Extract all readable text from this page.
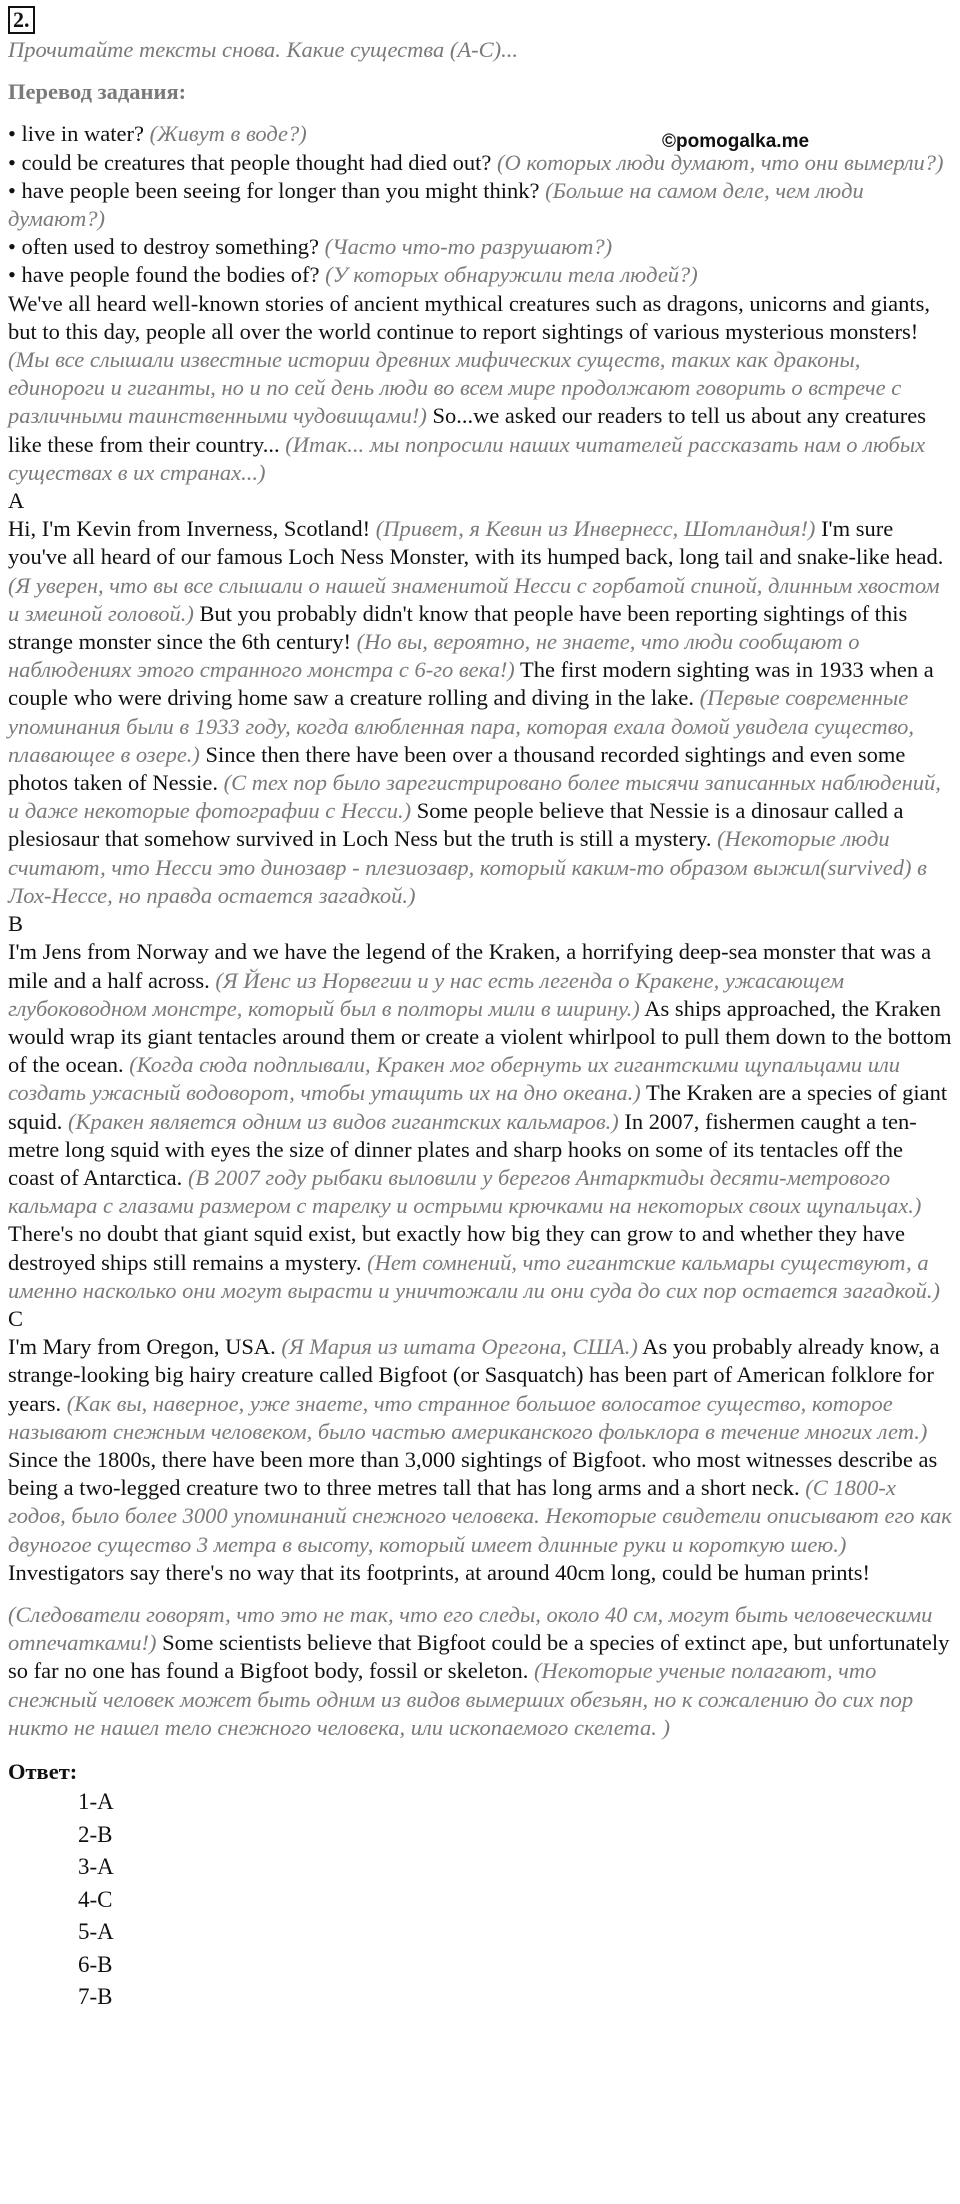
©pomogalka.me
2.

Прочитайте тексты снова. Какие существа (A-C)...

Перевод задания:

• live in water? (Живут в воде?)

• could be creatures that people thought had died out? (О которых люди думают, что они вымерли?)

• have people been seeing for longer than you might think? (Больше на самом деле, чем люди думают?)

• often used to destroy something? (Часто что-то разрушают?)

• have people found the bodies of? (У которых обнаружили тела людей?)

We've all heard well-known stories of ancient mythical creatures such as dragons, unicorns and giants, but to this day, people all over the world continue to report sightings of various mysterious monsters! (Мы все слышали известные истории древних мифических существ, таких как драконы, единороги и гиганты, но и по сей день люди во всем мире продолжают говорить о встрече с различными таинственными чудовищами!) So...we asked our readers to tell us about any creatures like these from their country... (Итак... мы попросили наших читателей рассказать нам о любых существах в их странах...)

A

Hi, I'm Kevin from Inverness, Scotland! (Привет, я Кевин из Инвернесс, Шотландия!) I'm sure you've all heard of our famous Loch Ness Monster, with its humped back, long tail and snake-like head. (Я уверен, что вы все слышали о нашей знаменитой Несси с горбатой спиной, длинным хвостом и змеиной головой.) But you probably didn't know that people have been reporting sightings of this strange monster since the 6th century! (Но вы, вероятно, не знаете, что люди сообщают о наблюдениях этого странного монстра с 6-го века!) The first modern sighting was in 1933 when a couple who were driving home saw a creature rolling and diving in the lake. (Первые современные упоминания были в 1933 году, когда влюбленная пара, которая ехала домой увидела существо, плавающее в озере.) Since then there have been over a thousand recorded sightings and even some photos taken of Nessie. (С тех пор было зарегистрировано более тысячи записанных наблюдений, и даже некоторые фотографии с Несси.) Some people believe that Nessie is a dinosaur called a plesiosaur that somehow survived in Loch Ness but the truth is still a mystery. (Некоторые люди считают, что Несси это динозавр - плезиозавр, который каким-то образом выжил(survived) в Лох-Нессе, но правда остается загадкой.)

B

I'm Jens from Norway and we have the legend of the Kraken, a horrifying deep-sea monster that was a mile and a half across. (Я Йенс из Норвегии и у нас есть легенда о Кракене, ужасающем глубоководном монстре, который был в полторы мили в ширину.) As ships approached, the Kraken would wrap its giant tentacles around them or create a violent whirlpool to pull them down to the bottom of the ocean. (Когда сюда подплывали, Кракен мог обернуть их гигантскими щупальцами или создать ужасный водоворот, чтобы утащить их на дно океана.) The Kraken are a species of giant squid. (Кракен является одним из видов гигантских кальмаров.) In 2007, fishermen caught a ten-metre long squid with eyes the size of dinner plates and sharp hooks on some of its tentacles off the coast of Antarctica. (В 2007 году рыбаки выловили у берегов Антарктиды десяти-метрового кальмара с глазами размером с тарелку и острыми крючками на некоторых своих щупальцах.) There's no doubt that giant squid exist, but exactly how big they can grow to and whether they have destroyed ships still remains a mystery. (Нет сомнений, что гигантские кальмары существуют, а именно насколько они могут вырасти и уничтожали ли они суда до сих пор остается загадкой.)

C

I'm Mary from Oregon, USA. (Я Мария из штата Орегона, США.) As you probably already know, a strange-looking big hairy creature called Bigfoot (or Sasquatch) has been part of American folklore for years. (Как вы, наверное, уже знаете, что странное большое волосатое существо, которое называют снежным человеком, было частью американского фольклора в течение многих лет.) Since the 1800s, there have been more than 3,000 sightings of Bigfoot. who most witnesses describe as being a two-legged creature two to three metres tall that has long arms and a short neck. (С 1800-х годов, было более 3000 упоминаний снежного человека. Некоторые свидетели описывают его как двуногое существо 3 метра в высоту, который имеет длинные руки и короткую шею.) Investigators say there's no way that its footprints, at around 40cm long, could be human prints!

(Следователи говорят, что это не так, что его следы, около 40 см, могут быть человеческими отпечатками!) Some scientists believe that Bigfoot could be a species of extinct ape, but unfortunately so far no one has found a Bigfoot body, fossil or skeleton. (Некоторые ученые полагают, что снежный человек может быть одним из видов вымерших обезьян, но к сожалению до сих пор никто не нашел тело снежного человека, или ископаемого скелета. )

Ответ:
1-A
2-B
3-A
4-C
5-A
6-B
7-B
